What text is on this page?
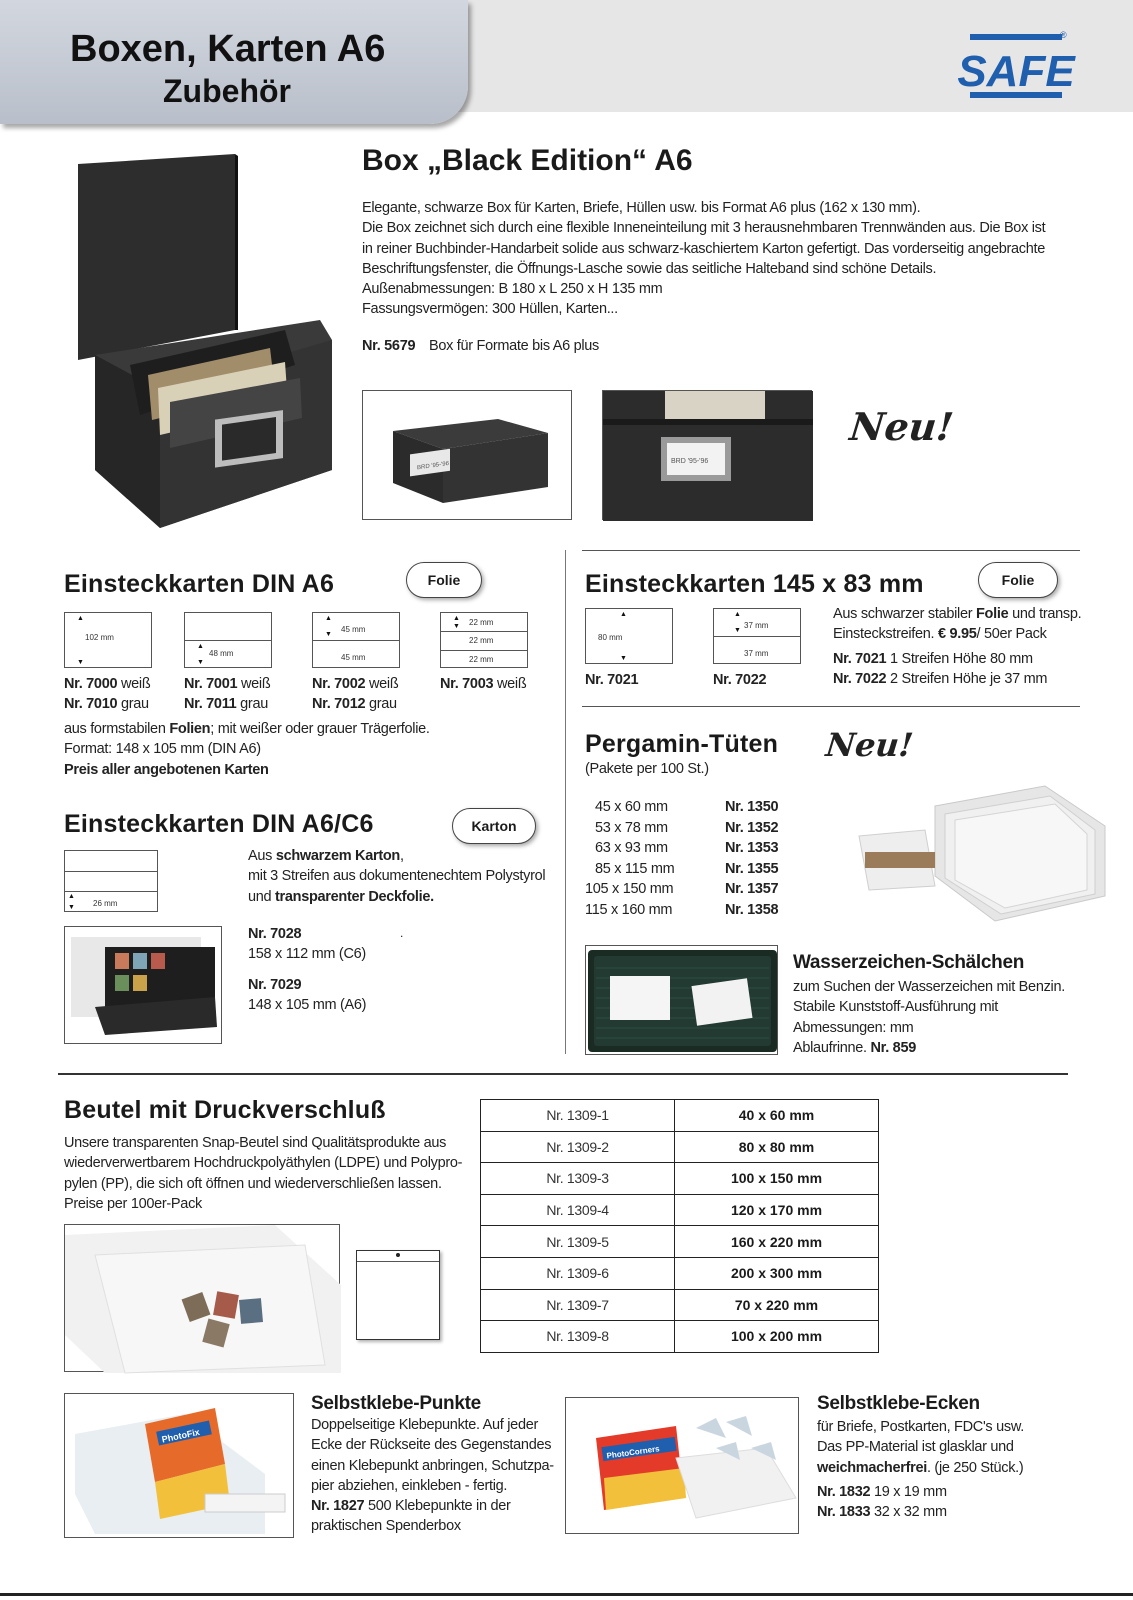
Boxen, Karten A6
Zubehör	SAFE
®
Box „Black Edition“ A6
Elegante, schwarze Box für Karten, Briefe, Hüllen usw. bis Format A6 plus (162 x 130 mm).
Die Box zeichnet sich durch eine flexible Inneneinteilung mit 3 herausnehmbaren Trennwänden aus. Die Box ist
in reiner Buchbinder-Handarbeit solide aus schwarz-kaschiertem Karton gefertigt. Das vorderseitig angebrachte
Beschriftungsfenster, die Öffnungs-Lasche sowie das seitliche Halteband sind schöne Details.
Außenabmessungen: B 180 x L 250 x H 135 mm
Fassungsvermögen: 300 Hüllen, Karten...
Nr. 5679 Box für Formate bis A6 plus
BRD '95-'96	BRD '95-'96
Neu!
Einsteckkarten DIN A6	Folie
▲
102 mm
▼
▲
48 mm
▼
▲
45 mm
▼
45 mm
▲ 22 mm
▼
22 mm
22 mm
Nr. 7000 weiß
Nr. 7010 grau
Nr. 7001 weiß
Nr. 7011 grau
Nr. 7002 weiß
Nr. 7012 grau
Nr. 7003 weiß
aus formstabilen Folien; mit weißer oder grauer Trägerfolie.
Format: 148 x 105 mm (DIN A6)
Preis aller angebotenen Karten
Einsteckkarten DIN A6/C6	Karton
▲
26 mm
▼
Aus schwarzem Karton,
mit 3 Streifen aus dokumentenechtem Polystyrol
und transparenter Deckfolie.
Nr. 7028
158 x 112 mm (C6)
.
Nr. 7029
148 x 105 mm (A6)
Einsteckkarten 145 x 83 mm	Folie
▲
80 mm
▼
▲
37 mm
▼
37 mm
Nr. 7021	Nr. 7022
Aus schwarzer stabiler Folie und transp.
Einsteckstreifen. € 9.95/ 50er Pack
Nr. 7021 1 Streifen Höhe 80 mm
Nr. 7022 2 Streifen Höhe je 37 mm
Pergamin-Tüten Neu!
(Pakete per 100 St.)
45 x 60 mm	Nr. 1350
53 x 78 mm	Nr. 1352
63 x 93 mm	Nr. 1353
85 x 115 mm	Nr. 1355
105 x 150 mm	Nr. 1357
115 x 160 mm	Nr. 1358
Wasserzeichen-Schälchen
zum Suchen der Wasserzeichen mit Benzin.
Stabile Kunststoff-Ausführung mit
Abmessungen: mm
Ablaufrinne. Nr. 859
Beutel mit Druckverschluß
Unsere transparenten Snap-Beutel sind Qualitätsprodukte aus
wiederverwertbarem Hochdruckpolyäthylen (LDPE) und Polypro-
pylen (PP), die sich oft öffnen und wiederverschließen lassen.
Preise per 100er-Pack
Nr. 1309-1	40 x 60 mm
Nr. 1309-2	80 x 80 mm
Nr. 1309-3	100 x 150 mm
Nr. 1309-4	120 x 170 mm
Nr. 1309-5	160 x 220 mm
Nr. 1309-6	200 x 300 mm
Nr. 1309-7	70 x 220 mm
Nr. 1309-8	100 x 200 mm
PhotoFix
Selbstklebe-Punkte
Doppelseitige Klebepunkte. Auf jeder
Ecke der Rückseite des Gegenstandes
einen Klebepunkt anbringen, Schutzpa-
pier abziehen, einkleben - fertig.
Nr. 1827 500 Klebepunkte in der
praktischen Spenderbox
PhotoCorners
Selbstklebe-Ecken
für Briefe, Postkarten, FDC's usw.
Das PP-Material ist glasklar und
weichmacherfrei. (je 250 Stück.)
Nr. 1832 19 x 19 mm
Nr. 1833 32 x 32 mm
